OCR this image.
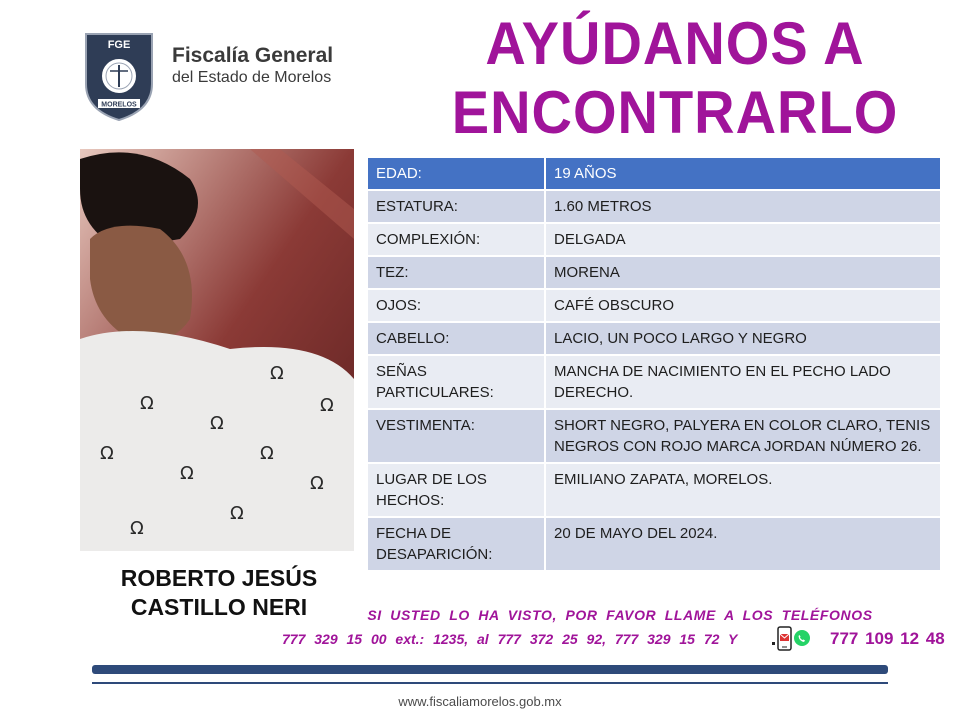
FGE
MORELOS
Fiscalía General
del Estado de Morelos
AYÚDANOS A
ENCONTRARLO
Ω
Ω
Ω
Ω
Ω
Ω
Ω	Ω
Ω
Ω
ROBERTO JESÚS
CASTILLO NERI
EDAD:	19 AÑOS
ESTATURA:	1.60 METROS
COMPLEXIÓN:	DELGADA
TEZ:	MORENA
OJOS:	CAFÉ OBSCURO
CABELLO:	LACIO, UN POCO LARGO Y NEGRO
SEÑAS PARTICULARES:	MANCHA DE NACIMIENTO EN EL PECHO LADO DERECHO.
VESTIMENTA:	SHORT NEGRO, PALYERA EN COLOR CLARO, TENIS NEGROS CON ROJO MARCA JORDAN NÚMERO 26.
LUGAR DE LOS HECHOS:	EMILIANO ZAPATA, MORELOS.
FECHA DE DESAPARICIÓN:	20 DE MAYO DEL 2024.
SI USTED LO HA VISTO, POR FAVOR LLAME A LOS TELÉFONOS
777 329 15 00 ext.: 1235, al 777 372 25 92, 777 329 15 72 Y	777 109 12 48
www.fiscaliamorelos.gob.mx
